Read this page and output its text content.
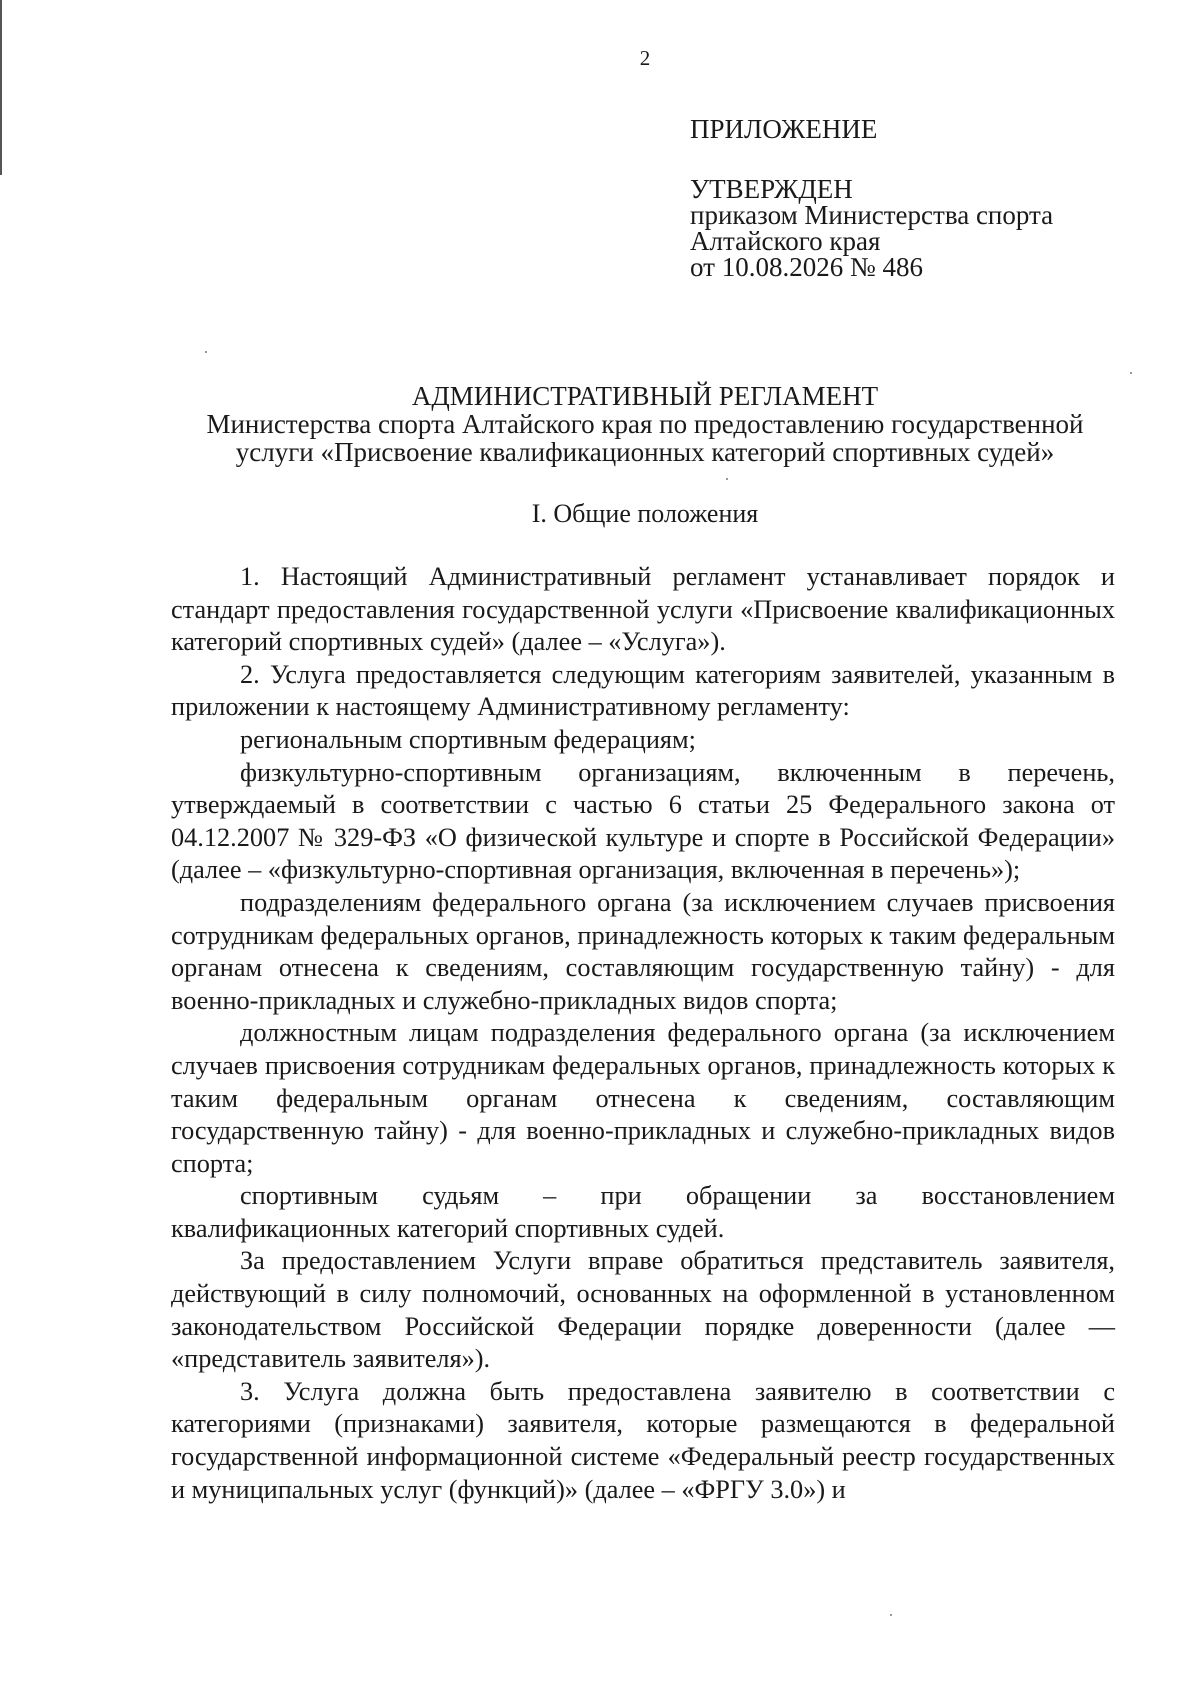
2
ПРИЛОЖЕНИЕ
УТВЕРЖДЕН
приказом Министерства спорта
Алтайского края
от 10.08.2026 № 486
АДМИНИСТРАТИВНЫЙ РЕГЛАМЕНТ
Министерства спорта Алтайского края по предоставлению государственной
услуги «Присвоение квалификационных категорий спортивных судей»
I. Общие положения

1. Настоящий Административный регламент устанавливает порядок и стандарт предоставления государственной услуги «Присвоение квалификационных категорий спортивных судей» (далее – «Услуга»).

2. Услуга предоставляется следующим категориям заявителей, указанным в приложении к настоящему Административному регламенту:

региональным спортивным федерациям;

физкультурно-спортивным организациям, включенным в перечень, утверждаемый в соответствии с частью 6 статьи 25 Федерального закона от 04.12.2007 № 329-ФЗ «О физической культуре и спорте в Российской Федерации» (далее – «физкультурно-спортивная организация, включенная в перечень»);

подразделениям федерального органа (за исключением случаев присвоения сотрудникам федеральных органов, принадлежность которых к таким федеральным органам отнесена к сведениям, составляющим государственную тайну) - для военно-прикладных и служебно-прикладных видов спорта;

должностным лицам подразделения федерального органа (за исключением случаев присвоения сотрудникам федеральных органов, принадлежность которых к таким федеральным органам отнесена к сведениям, составляющим государственную тайну) - для военно-прикладных и служебно-прикладных видов спорта;

спортивным судьям – при обращении за восстановлением квалификационных категорий спортивных судей.

За предоставлением Услуги вправе обратиться представитель заявителя, действующий в силу полномочий, основанных на оформленной в установленном законодательством Российской Федерации порядке доверенности (далее — «представитель заявителя»).

3. Услуга должна быть предоставлена заявителю в соответствии с категориями (признаками) заявителя, которые размещаются в федеральной государственной информационной системе «Федеральный реестр государственных и муниципальных услуг (функций)» (далее – «ФРГУ 3.0») и
